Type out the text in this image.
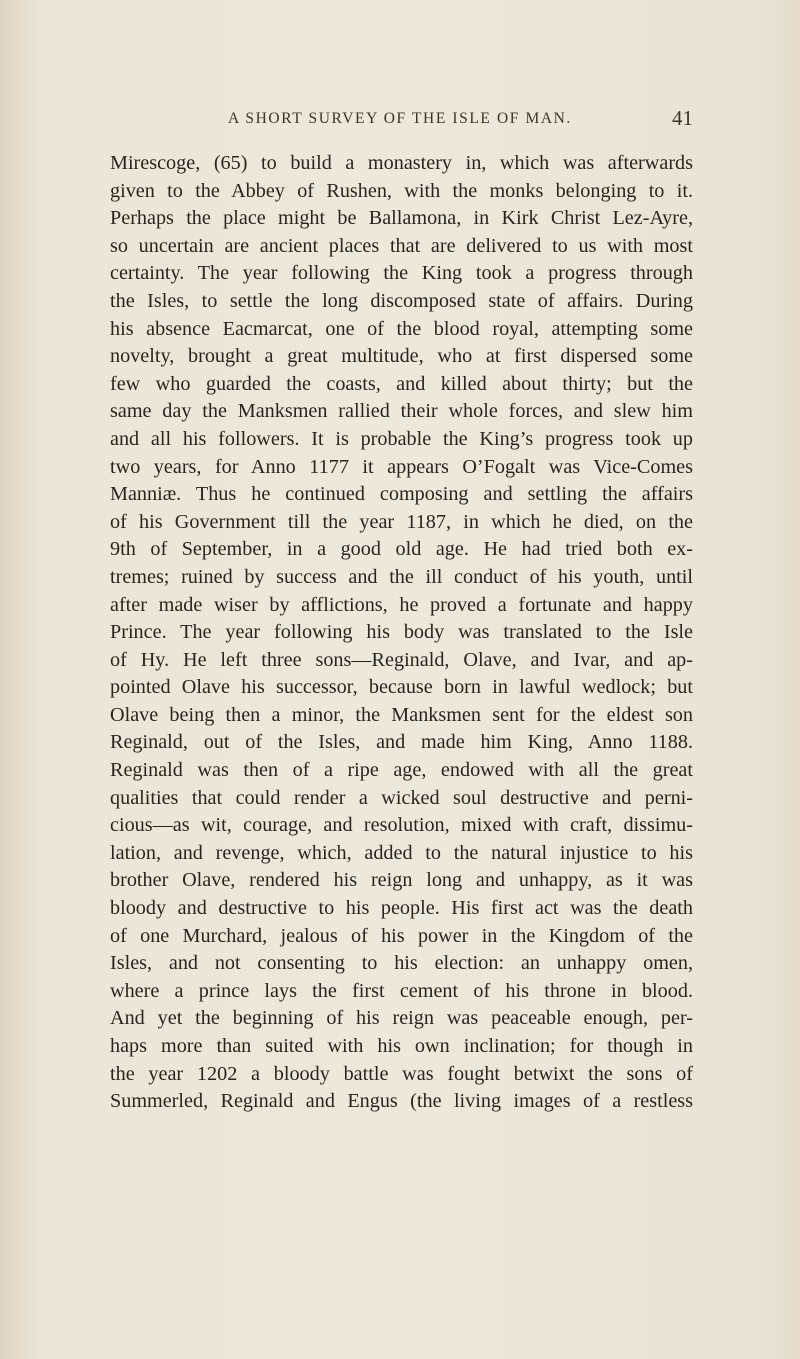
A SHORT SURVEY OF THE ISLE OF MAN.	41
Mirescoge, (65) to build a monastery in, which was afterwards
given to the Abbey of Rushen, with the monks belonging to it.
Perhaps the place might be Ballamona, in Kirk Christ Lez-Ayre,
so uncertain are ancient places that are delivered to us with most
certainty. The year following the King took a progress through
the Isles, to settle the long discomposed state of affairs. During
his absence Eacmarcat, one of the blood royal, attempting some
novelty, brought a great multitude, who at first dispersed some
few who guarded the coasts, and killed about thirty; but the
same day the Manksmen rallied their whole forces, and slew him
and all his followers. It is probable the King’s progress took up
two years, for Anno 1177 it appears O’Fogalt was Vice-Comes
Manniæ. Thus he continued composing and settling the affairs
of his Government till the year 1187, in which he died, on the
9th of September, in a good old age. He had tried both ex-
tremes; ruined by success and the ill conduct of his youth, until
after made wiser by afflictions, he proved a fortunate and happy
Prince. The year following his body was translated to the Isle
of Hy. He left three sons—Reginald, Olave, and Ivar, and ap-
pointed Olave his successor, because born in lawful wedlock; but
Olave being then a minor, the Manksmen sent for the eldest son
Reginald, out of the Isles, and made him King, Anno 1188.
Reginald was then of a ripe age, endowed with all the great
qualities that could render a wicked soul destructive and perni-
cious—as wit, courage, and resolution, mixed with craft, dissimu-
lation, and revenge, which, added to the natural injustice to his
brother Olave, rendered his reign long and unhappy, as it was
bloody and destructive to his people. His first act was the death
of one Murchard, jealous of his power in the Kingdom of the
Isles, and not consenting to his election: an unhappy omen,
where a prince lays the first cement of his throne in blood.
And yet the beginning of his reign was peaceable enough, per-
haps more than suited with his own inclination; for though in
the year 1202 a bloody battle was fought betwixt the sons of
Summerled, Reginald and Engus (the living images of a restless
